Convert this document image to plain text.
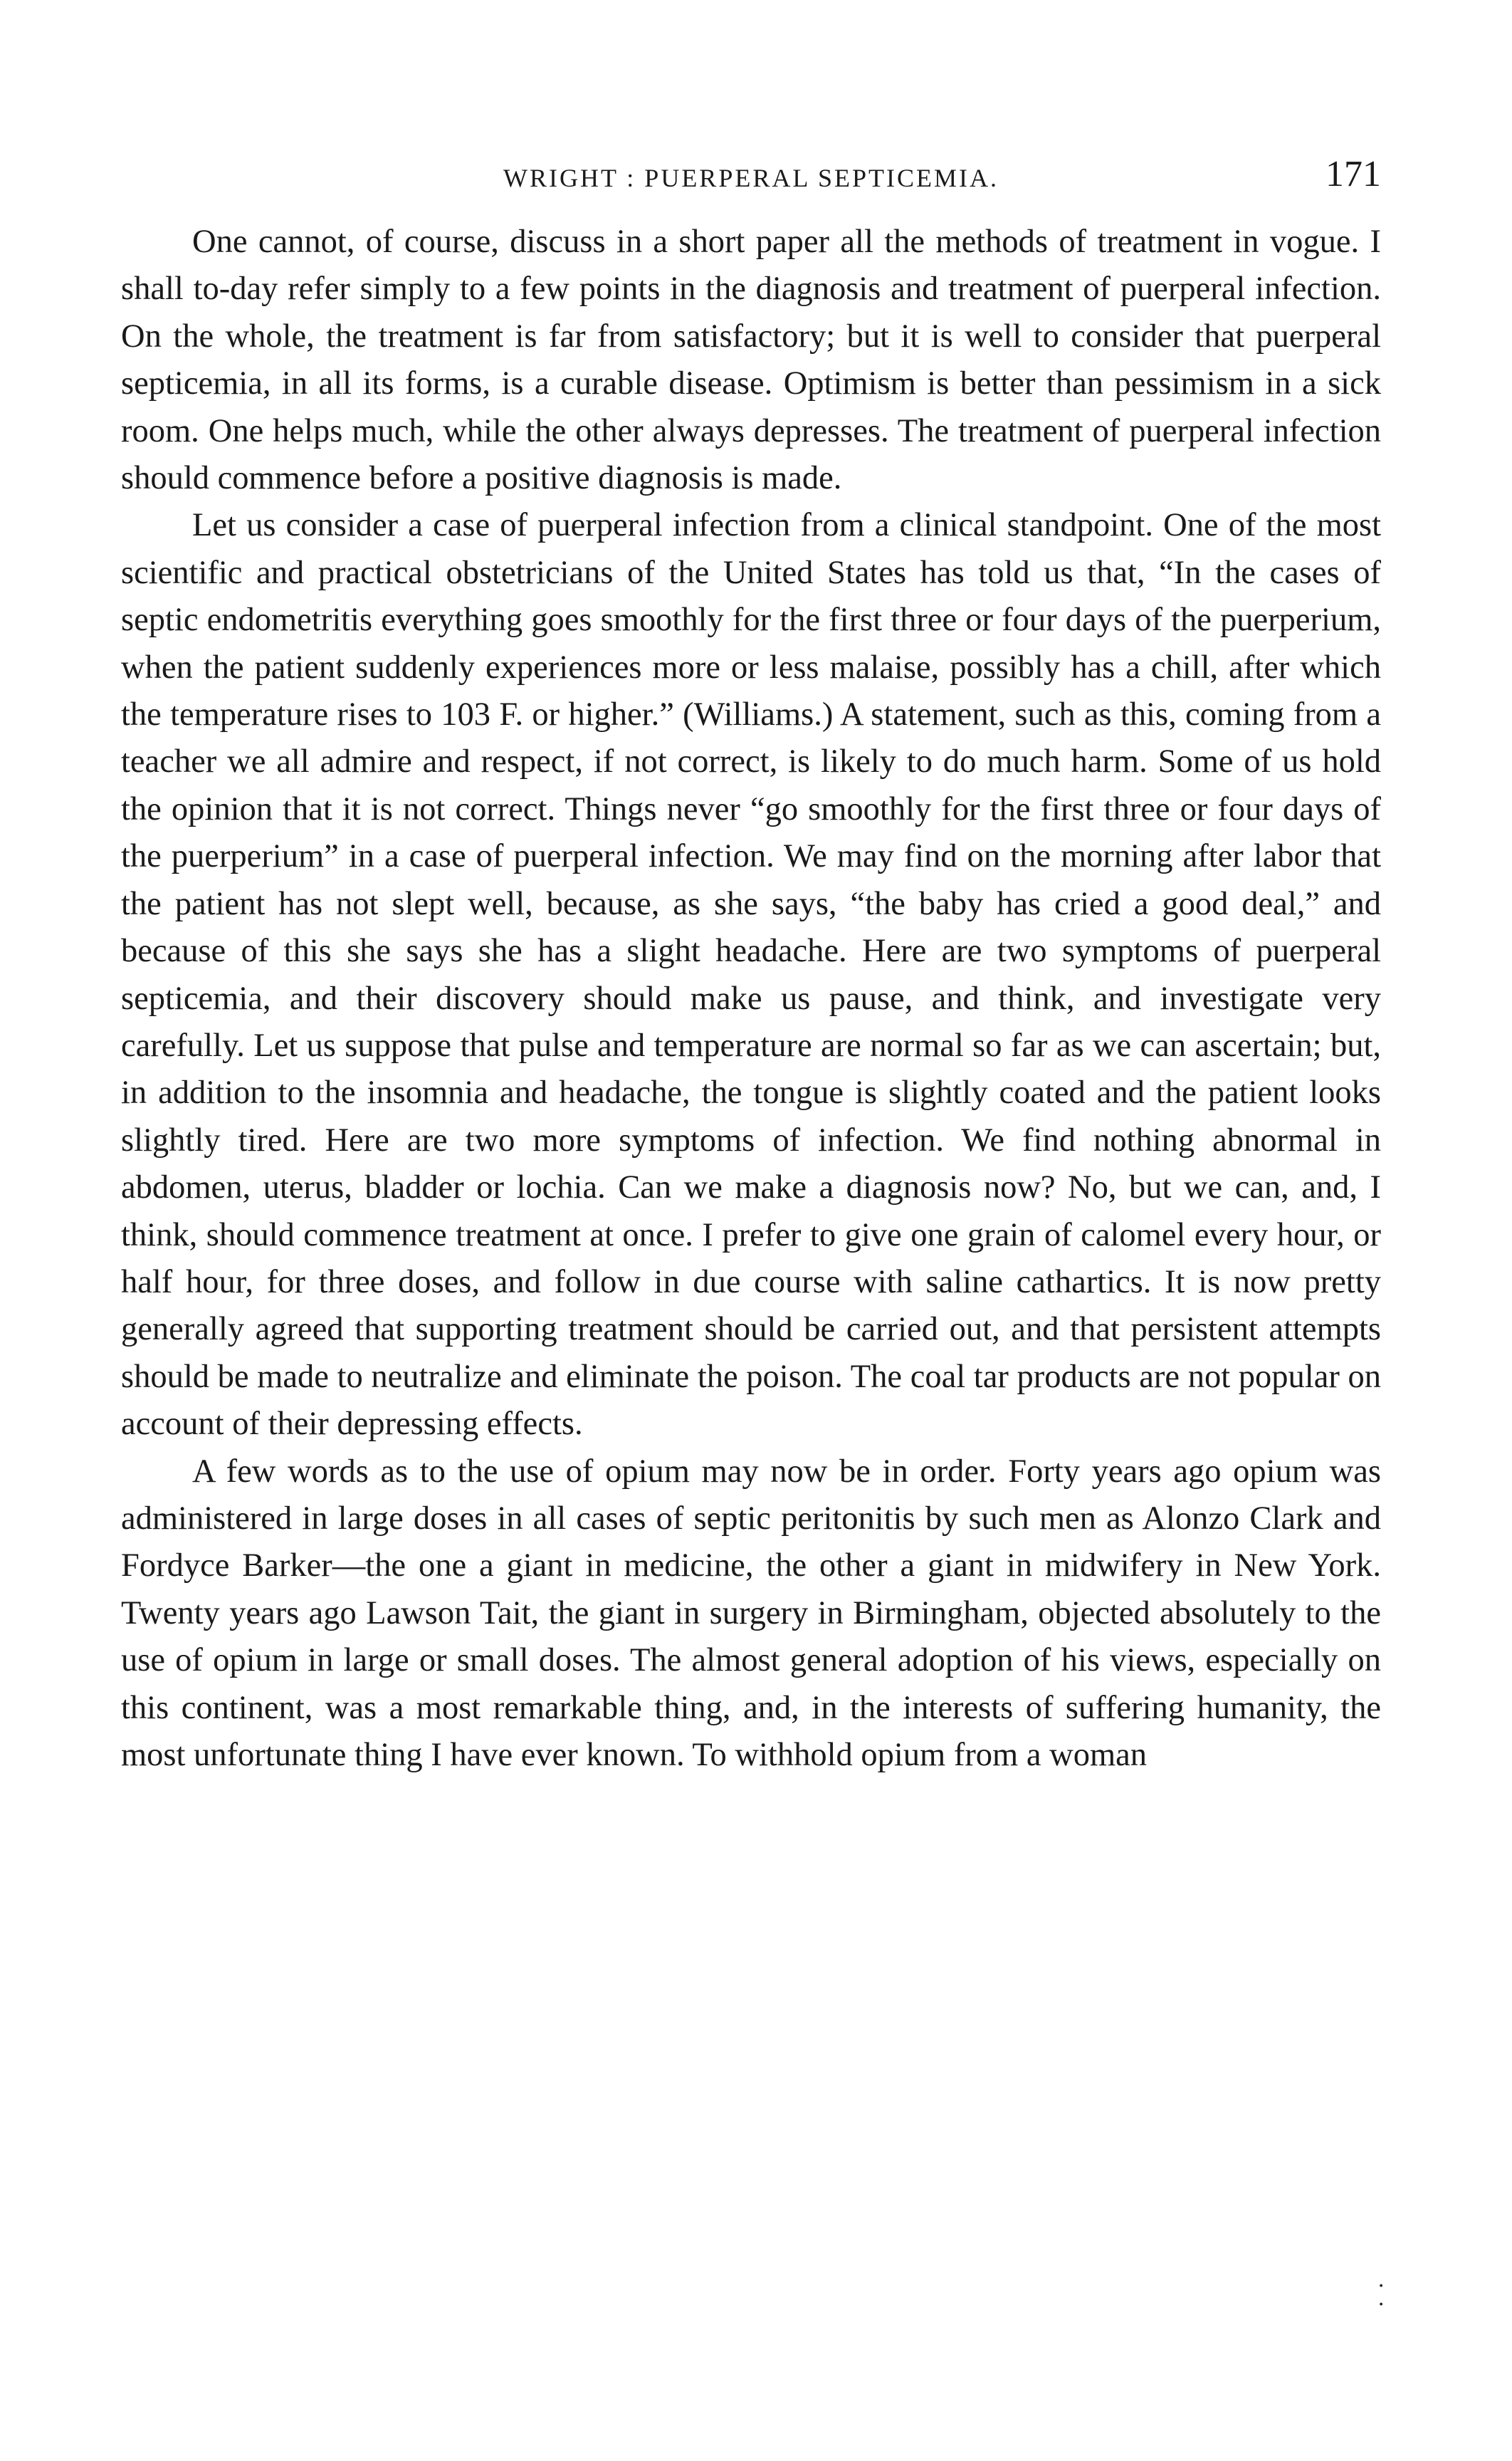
WRIGHT : PUERPERAL SEPTICEMIA.	171

One cannot, of course, discuss in a short paper all the methods of treatment in vogue. I shall to-day refer simply to a few points in the diagnosis and treatment of puerperal infection. On the whole, the treatment is far from satisfactory; but it is well to consider that puerperal septicemia, in all its forms, is a curable disease. Optimism is better than pessimism in a sick room. One helps much, while the other always depresses. The treatment of puerperal infection should commence before a positive diagnosis is made.

Let us consider a case of puerperal infection from a clinical standpoint. One of the most scientific and practical obstetricians of the United States has told us that, “In the cases of septic endometritis everything goes smoothly for the first three or four days of the puerperium, when the patient suddenly experiences more or less malaise, possibly has a chill, after which the temperature rises to 103 F. or higher.” (Williams.) A statement, such as this, coming from a teacher we all admire and respect, if not correct, is likely to do much harm. Some of us hold the opinion that it is not correct. Things never “go smoothly for the first three or four days of the puerperium” in a case of puerperal infection. We may find on the morning after labor that the patient has not slept well, because, as she says, “the baby has cried a good deal,” and because of this she says she has a slight headache. Here are two symptoms of puerperal septicemia, and their discovery should make us pause, and think, and investigate very carefully. Let us suppose that pulse and temperature are normal so far as we can ascertain; but, in addition to the insomnia and headache, the tongue is slightly coated and the patient looks slightly tired. Here are two more symptoms of infection. We find nothing abnormal in abdomen, uterus, bladder or lochia. Can we make a diagnosis now? No, but we can, and, I think, should commence treatment at once. I prefer to give one grain of calomel every hour, or half hour, for three doses, and follow in due course with saline cathartics. It is now pretty generally agreed that supporting treatment should be carried out, and that persistent attempts should be made to neutralize and eliminate the poison. The coal tar products are not popular on account of their depressing effects.

A few words as to the use of opium may now be in order. Forty years ago opium was administered in large doses in all cases of septic peritonitis by such men as Alonzo Clark and Fordyce Barker—the one a giant in medicine, the other a giant in midwifery in New York. Twenty years ago Lawson Tait, the giant in surgery in Birmingham, objected absolutely to the use of opium in large or small doses. The almost general adoption of his views, especially on this continent, was a most remarkable thing, and, in the interests of suffering humanity, the most unfortunate thing I have ever known. To withhold opium from a woman

⋅
⋅
